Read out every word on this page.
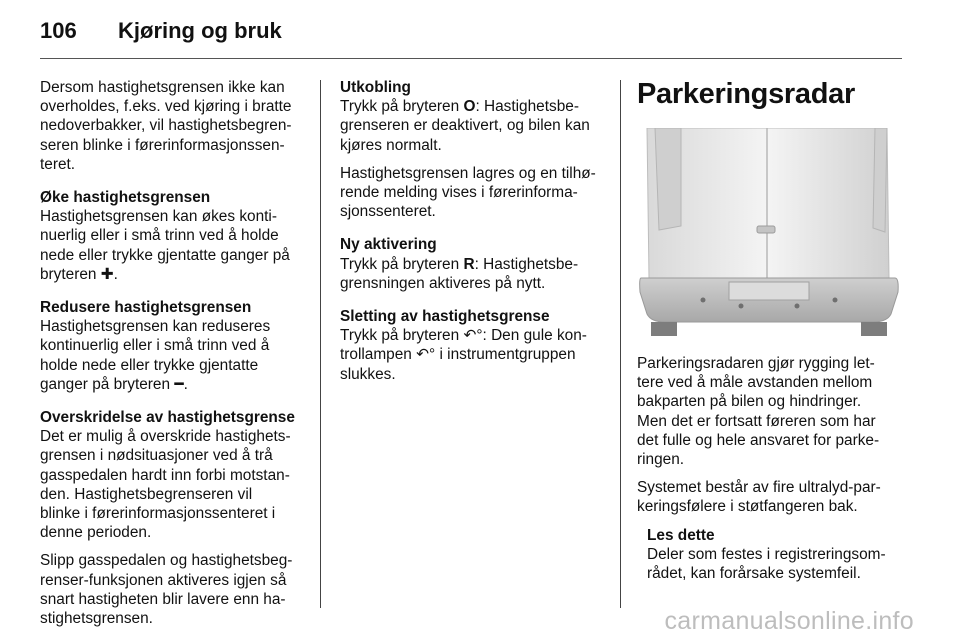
106 Kjøring og bruk
Dersom hastighetsgrensen ikke kan
overholdes, f.eks. ved kjøring i bratte
nedoverbakker, vil hastighetsbegren-
seren blinke i førerinformasjonssen-
teret.
Øke hastighetsgrensen
Hastighetsgrensen kan økes konti-
nuerlig eller i små trinn ved å holde
nede eller trykke gjentatte ganger på
bryteren ✚.
Redusere hastighetsgrensen
Hastighetsgrensen kan reduseres
kontinuerlig eller i små trinn ved å
holde nede eller trykke gjentatte
ganger på bryteren ━.
Overskridelse av hastighetsgrense
Det er mulig å overskride hastighets-
grensen i nødsituasjoner ved å trå
gasspedalen hardt inn forbi motstan-
den. Hastighetsbegrenseren vil
blinke i førerinformasjonssenteret i
denne perioden.
Slipp gasspedalen og hastighetsbeg-
renser-funksjonen aktiveres igjen så
snart hastigheten blir lavere enn ha-
stighetsgrensen.
Utkobling
Trykk på bryteren O: Hastighetsbe-
grenseren er deaktivert, og bilen kan
kjøres normalt.
Hastighetsgrensen lagres og en tilhø-
rende melding vises i førerinforma-
sjonssenteret.
Ny aktivering
Trykk på bryteren R: Hastighetsbe-
grensningen aktiveres på nytt.
Sletting av hastighetsgrense
Trykk på bryteren ↶°: Den gule kon-
trollampen ↶° i instrumentgruppen
slukkes.
Parkeringsradar
Parkeringsradaren gjør rygging let-
tere ved å måle avstanden mellom
bakparten på bilen og hindringer.
Men det er fortsatt føreren som har
det fulle og hele ansvaret for parke-
ringen.
Systemet består av fire ultralyd-par-
keringsfølere i støtfangeren bak.
Les dette
Deler som festes i registreringsom-
rådet, kan forårsake systemfeil.
carmanualsonline.info
